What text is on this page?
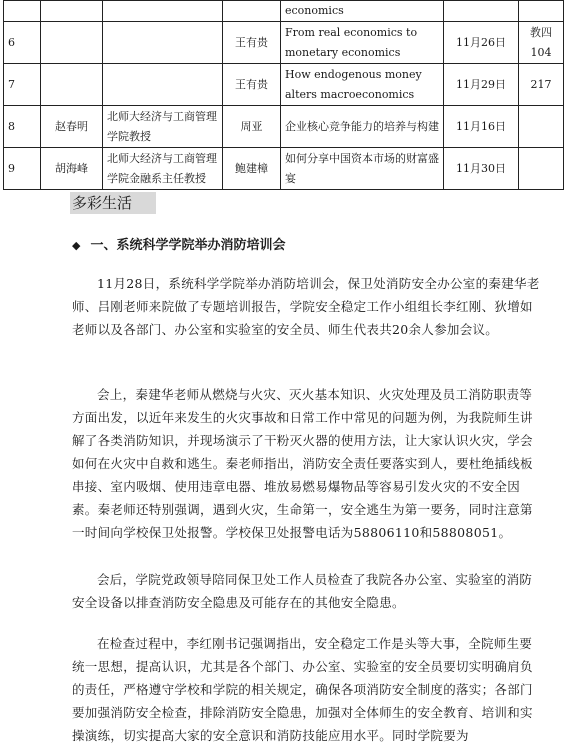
				economics		
6			王有贵	From real economics to monetary economics	11月26日	教四 104
7			王有贵	How endogenous money alters macroeconomics	11月29日	217
8	赵春明	北师大经济与工商管理学院教授	周亚	企业核心竞争能力的培养与构建	11月16日	
9	胡海峰	北师大经济与工商管理学院金融系主任教授	鲍建樟	如何分享中国资本市场的财富盛宴	11月30日	
多彩生活
◆ 一、系统科学学院举办消防培训会

11月28日，系统科学学院举办消防培训会，保卫处消防安全办公室的秦建华老师、吕刚老师来院做了专题培训报告，学院安全稳定工作小组组长李红刚、狄增如老师以及各部门、办公室和实验室的安全员、师生代表共20余人参加会议。

会上，秦建华老师从燃烧与火灾、灭火基本知识、火灾处理及员工消防职责等方面出发，以近年来发生的火灾事故和日常工作中常见的问题为例，为我院师生讲解了各类消防知识，并现场演示了干粉灭火器的使用方法，让大家认识火灾，学会如何在火灾中自救和逃生。秦老师指出，消防安全责任要落实到人，要杜绝插线板串接、室内吸烟、使用违章电器、堆放易燃易爆物品等容易引发火灾的不安全因素。秦老师还特别强调，遇到火灾，生命第一，安全逃生为第一要务，同时注意第一时间向学校保卫处报警。学校保卫处报警电话为58806110和58808051。

会后，学院党政领导陪同保卫处工作人员检查了我院各办公室、实验室的消防安全设备以排查消防安全隐患及可能存在的其他安全隐患。

在检查过程中，李红刚书记强调指出，安全稳定工作是头等大事，全院师生要统一思想，提高认识，尤其是各个部门、办公室、实验室的安全员要切实明确肩负的责任，严格遵守学校和学院的相关规定，确保各项消防安全制度的落实；各部门要加强消防安全检查，排除消防安全隐患，加强对全体师生的安全教育、培训和实操演练，切实提高大家的安全意识和消防技能应用水平。同时学院要为
